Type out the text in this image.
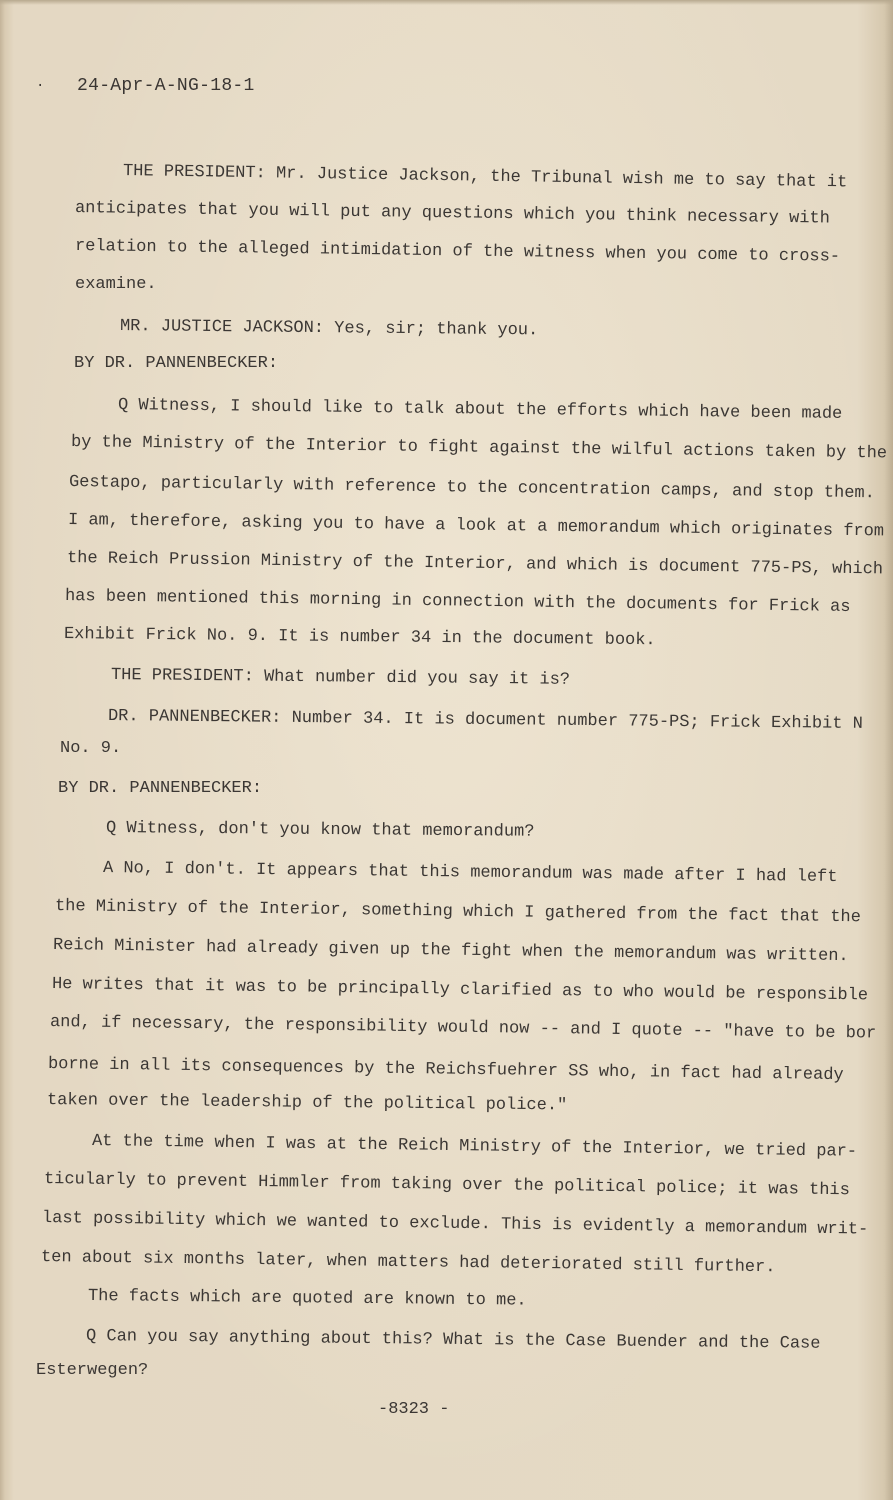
· 24-Apr-A-NG-18-1
THE PRESIDENT: Mr. Justice Jackson, the Tribunal wish me to say that it
anticipates that you will put any questions which you think necessary with
relation to the alleged intimidation of the witness when you come to cross-
examine.
MR. JUSTICE JACKSON: Yes, sir; thank you.
BY DR. PANNENBECKER:
Q Witness, I should like to talk about the efforts which have been made
by the Ministry of the Interior to fight against the wilful actions taken by the
Gestapo, particularly with reference to the concentration camps, and stop them.
I am, therefore, asking you to have a look at a memorandum which originates from
the Reich Prussion Ministry of the Interior, and which is document 775-PS, which
has been mentioned this morning in connection with the documents for Frick as
Exhibit Frick No. 9. It is number 34 in the document book.
THE PRESIDENT: What number did you say it is?
DR. PANNENBECKER: Number 34. It is document number 775-PS; Frick Exhibit N
No. 9.
BY DR. PANNENBECKER:
Q Witness, don't you know that memorandum?
A No, I don't. It appears that this memorandum was made after I had left
the Ministry of the Interior, something which I gathered from the fact that the
Reich Minister had already given up the fight when the memorandum was written.
He writes that it was to be principally clarified as to who would be responsible
and, if necessary, the responsibility would now -- and I quote -- "have to be bor
borne in all its consequences by the Reichsfuehrer SS who, in fact had already
taken over the leadership of the political police."
At the time when I was at the Reich Ministry of the Interior, we tried par-
ticularly to prevent Himmler from taking over the political police; it was this
last possibility which we wanted to exclude. This is evidently a memorandum writ-
ten about six months later, when matters had deteriorated still further.
The facts which are quoted are known to me.
Q Can you say anything about this? What is the Case Buender and the Case
Esterwegen?
-8323 -
